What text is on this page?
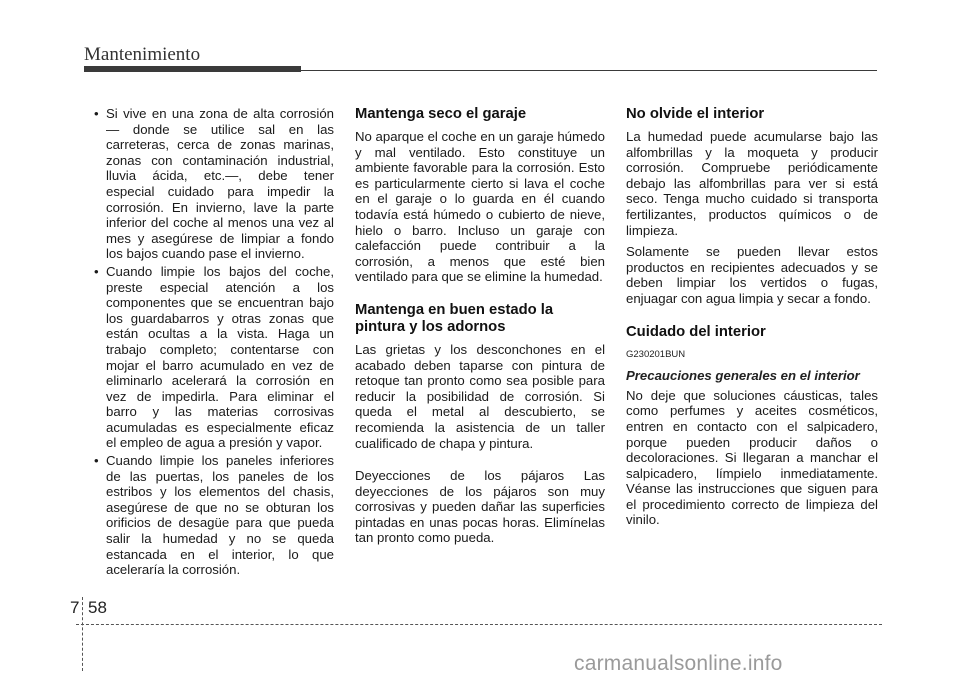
Mantenimiento
• Si vive en una zona de alta corrosión — donde se utilice sal en las carreteras, cerca de zonas marinas, zonas con contaminación industrial, lluvia ácida, etc.—, debe tener especial cuidado para impedir la corrosión. En invierno, lave la parte inferior del coche al menos una vez al mes y asegúrese de limpiar a fondo los bajos cuando pase el invierno.
• Cuando limpie los bajos del coche, preste especial atención a los componentes que se encuentran bajo los guardabarros y otras zonas que están ocultas a la vista. Haga un trabajo completo; contentarse con mojar el barro acumulado en vez de eliminarlo acelerará la corrosión en vez de impedirla. Para eliminar el barro y las materias corrosivas acumuladas es especialmente eficaz el empleo de agua a presión y vapor.
• Cuando limpie los paneles inferiores de las puertas, los paneles de los estribos y los elementos del chasis, asegúrese de que no se obturan los orificios de desagüe para que pueda salir la humedad y no se queda estancada en el interior, lo que aceleraría la corrosión.
Mantenga seco el garaje

No aparque el coche en un garaje húmedo y mal ventilado. Esto constituye un ambiente favorable para la corrosión. Esto es particularmente cierto si lava el coche en el garaje o lo guarda en él cuando todavía está húmedo o cubierto de nieve, hielo o barro. Incluso un garaje con calefacción puede contribuir a la corrosión, a menos que esté bien ventilado para que se elimine la humedad.

Mantenga en buen estado la pintura y los adornos

Las grietas y los desconchones en el acabado deben taparse con pintura de retoque tan pronto como sea posible para reducir la posibilidad de corrosión. Si queda el metal al descubierto, se recomienda la asistencia de un taller cualificado de chapa y pintura.

Deyecciones de los pájaros Las deyecciones de los pájaros son muy corrosivas y pueden dañar las superficies pintadas en unas pocas horas. Elimínelas tan pronto como pueda.

No olvide el interior

La humedad puede acumularse bajo las alfombrillas y la moqueta y producir corrosión. Compruebe periódicamente debajo las alfombrillas para ver si está seco. Tenga mucho cuidado si transporta fertilizantes, productos químicos o de limpieza.

Solamente se pueden llevar estos productos en recipientes adecuados y se deben limpiar los vertidos o fugas, enjuagar con agua limpia y secar a fondo.

Cuidado del interior
G230201BUN
Precauciones generales en el interior

No deje que soluciones cáusticas, tales como perfumes y aceites cosméticos, entren en contacto con el salpicadero, porque pueden producir daños o decoloraciones. Si llegaran a manchar el salpicadero, límpielo inmediatamente. Véanse las instrucciones que siguen para el procedimiento correcto de limpieza del vinilo.

7 58
carmanualsonline.info
